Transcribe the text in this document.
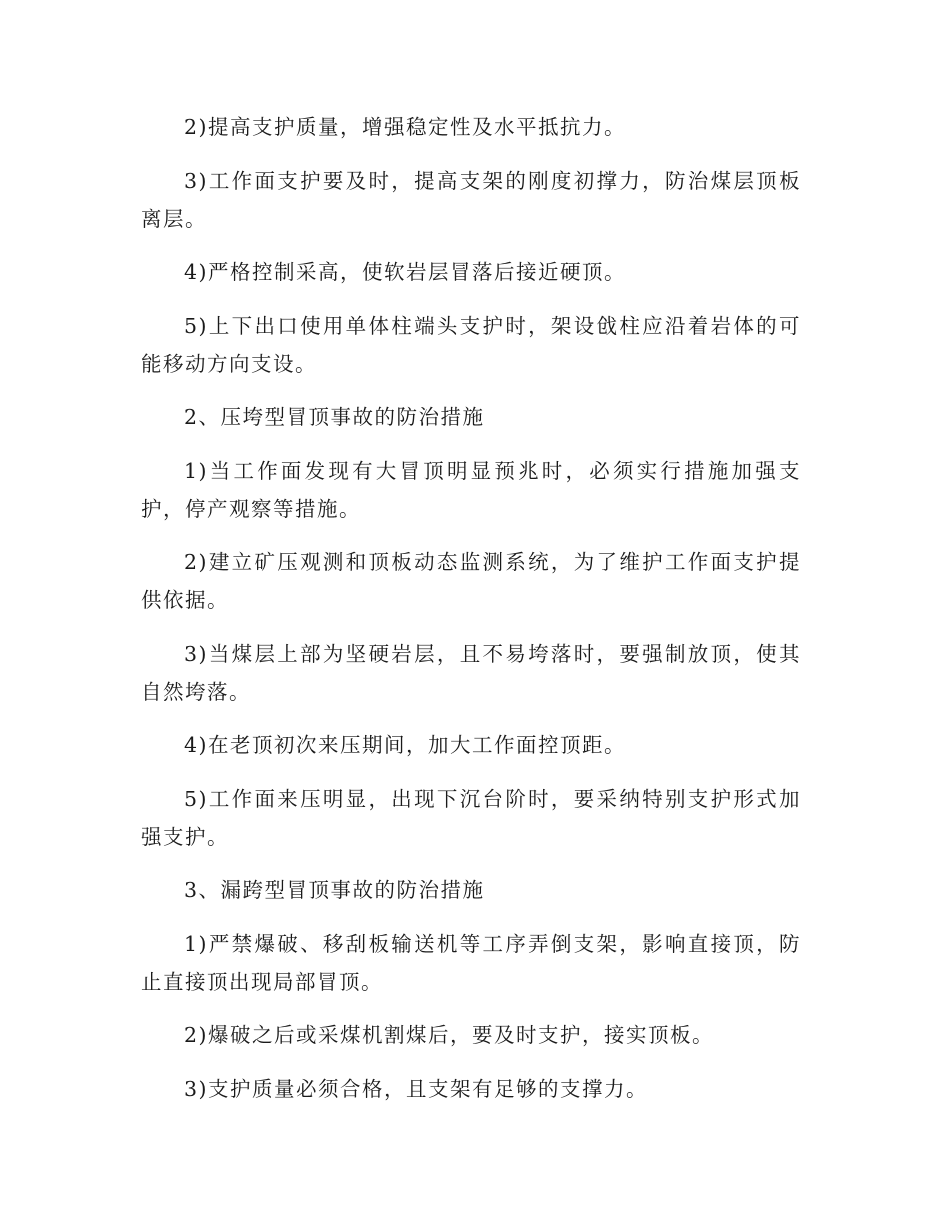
2)提高支护质量，增强稳定性及水平抵抗力。

3)工作面支护要及时，提高支架的刚度初撑力，防治煤层顶板离层。

4)严格控制采高，使软岩层冒落后接近硬顶。

5)上下出口使用单体柱端头支护时，架设戗柱应沿着岩体的可能移动方向支设。

2、压垮型冒顶事故的防治措施

1)当工作面发现有大冒顶明显预兆时，必须实行措施加强支护，停产观察等措施。

2)建立矿压观测和顶板动态监测系统，为了维护工作面支护提供依据。

3)当煤层上部为坚硬岩层，且不易垮落时，要强制放顶，使其自然垮落。

4)在老顶初次来压期间，加大工作面控顶距。

5)工作面来压明显，出现下沉台阶时，要采纳特别支护形式加强支护。

3、漏跨型冒顶事故的防治措施

1)严禁爆破、移刮板输送机等工序弄倒支架，影响直接顶，防止直接顶出现局部冒顶。

2)爆破之后或采煤机割煤后，要及时支护，接实顶板。

3)支护质量必须合格，且支架有足够的支撑力。
